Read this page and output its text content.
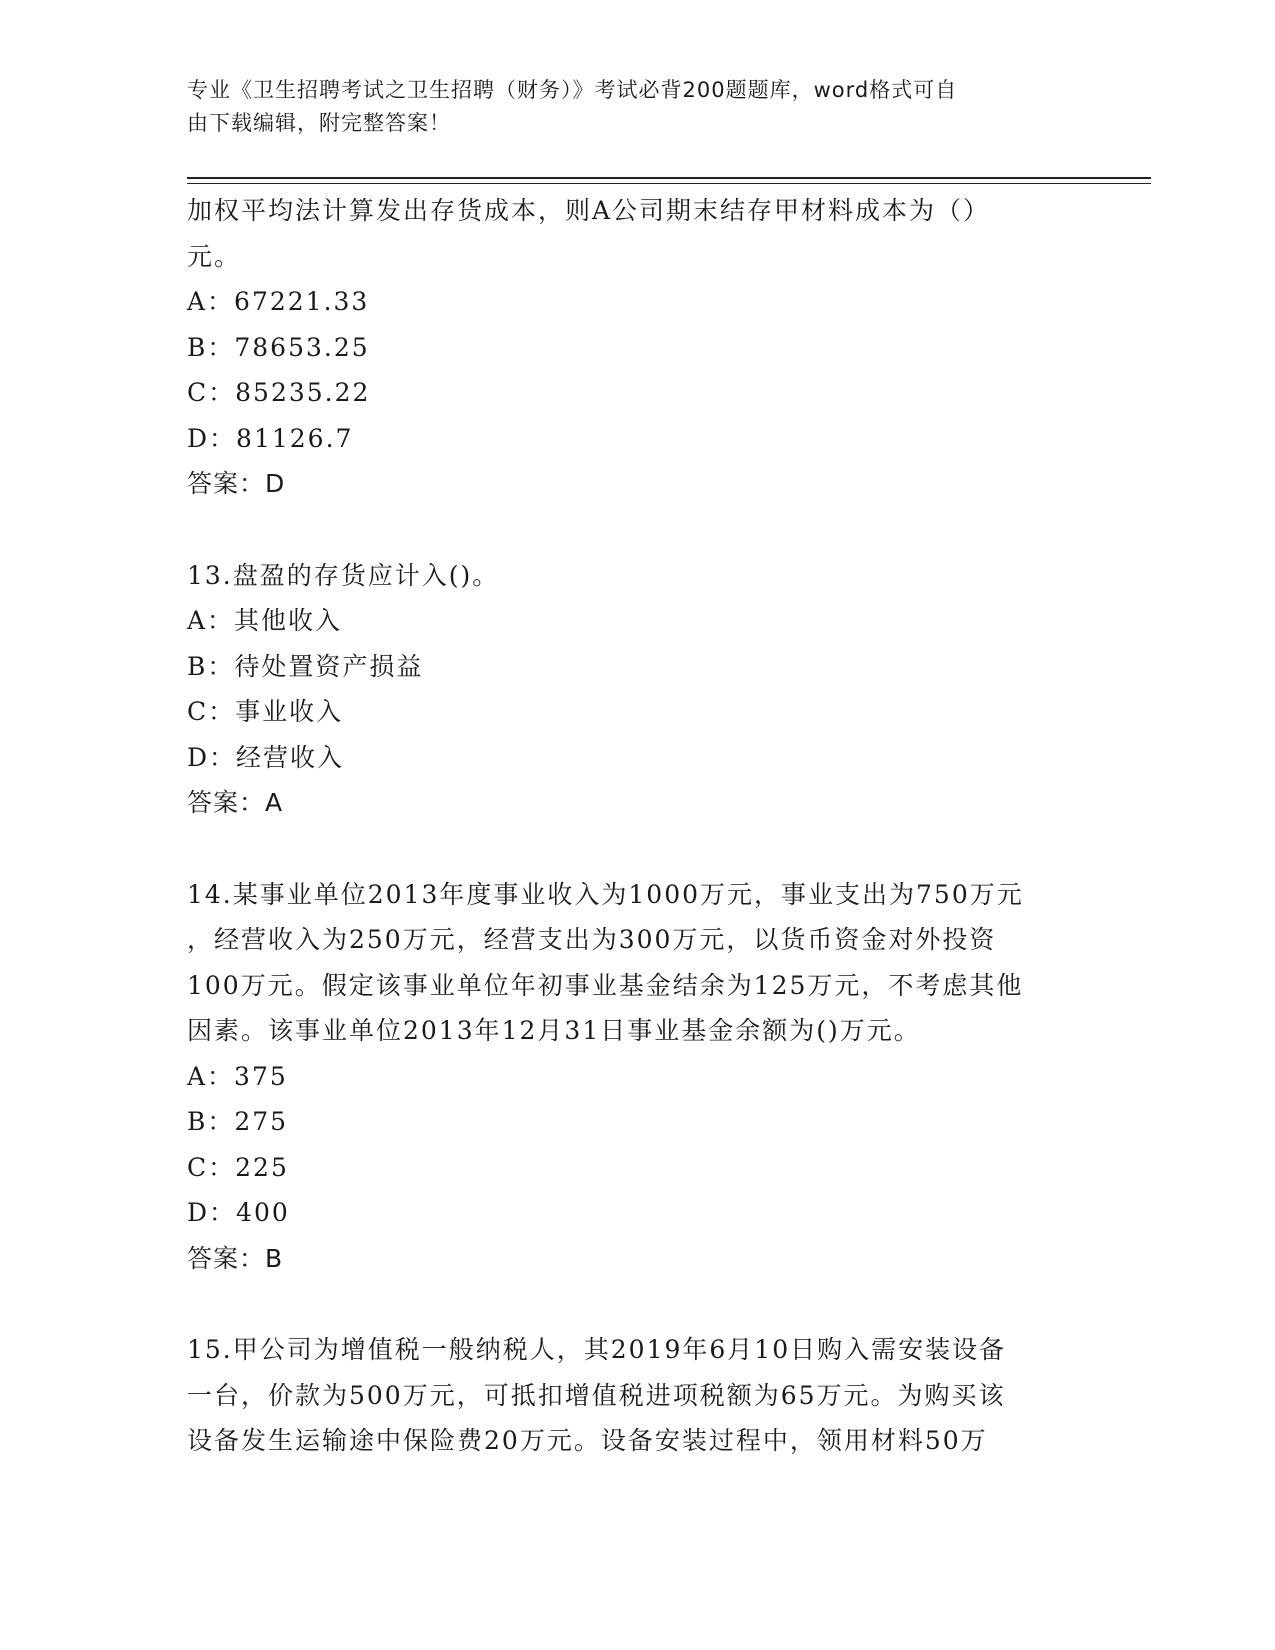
专业《卫生招聘考试之卫生招聘（财务）》考试必背200题题库，word格式可自
由下载编辑，附完整答案！
加权平均法计算发出存货成本，则A公司期末结存甲材料成本为（）
元。
A：67221.33
B：78653.25
C：85235.22
D：81126.7
答案：D
13.盘盈的存货应计入()。
A：其他收入
B：待处置资产损益
C：事业收入
D：经营收入
答案：A
14.某事业单位2013年度事业收入为1000万元，事业支出为750万元
，经营收入为250万元，经营支出为300万元，以货币资金对外投资
100万元。假定该事业单位年初事业基金结余为125万元，不考虑其他
因素。该事业单位2013年12月31日事业基金余额为()万元。
A：375
B：275
C：225
D：400
答案：B
15.甲公司为增值税一般纳税人，其2019年6月10日购入需安装设备
一台，价款为500万元，可抵扣增值税进项税额为65万元。为购买该
设备发生运输途中保险费20万元。设备安装过程中，领用材料50万
